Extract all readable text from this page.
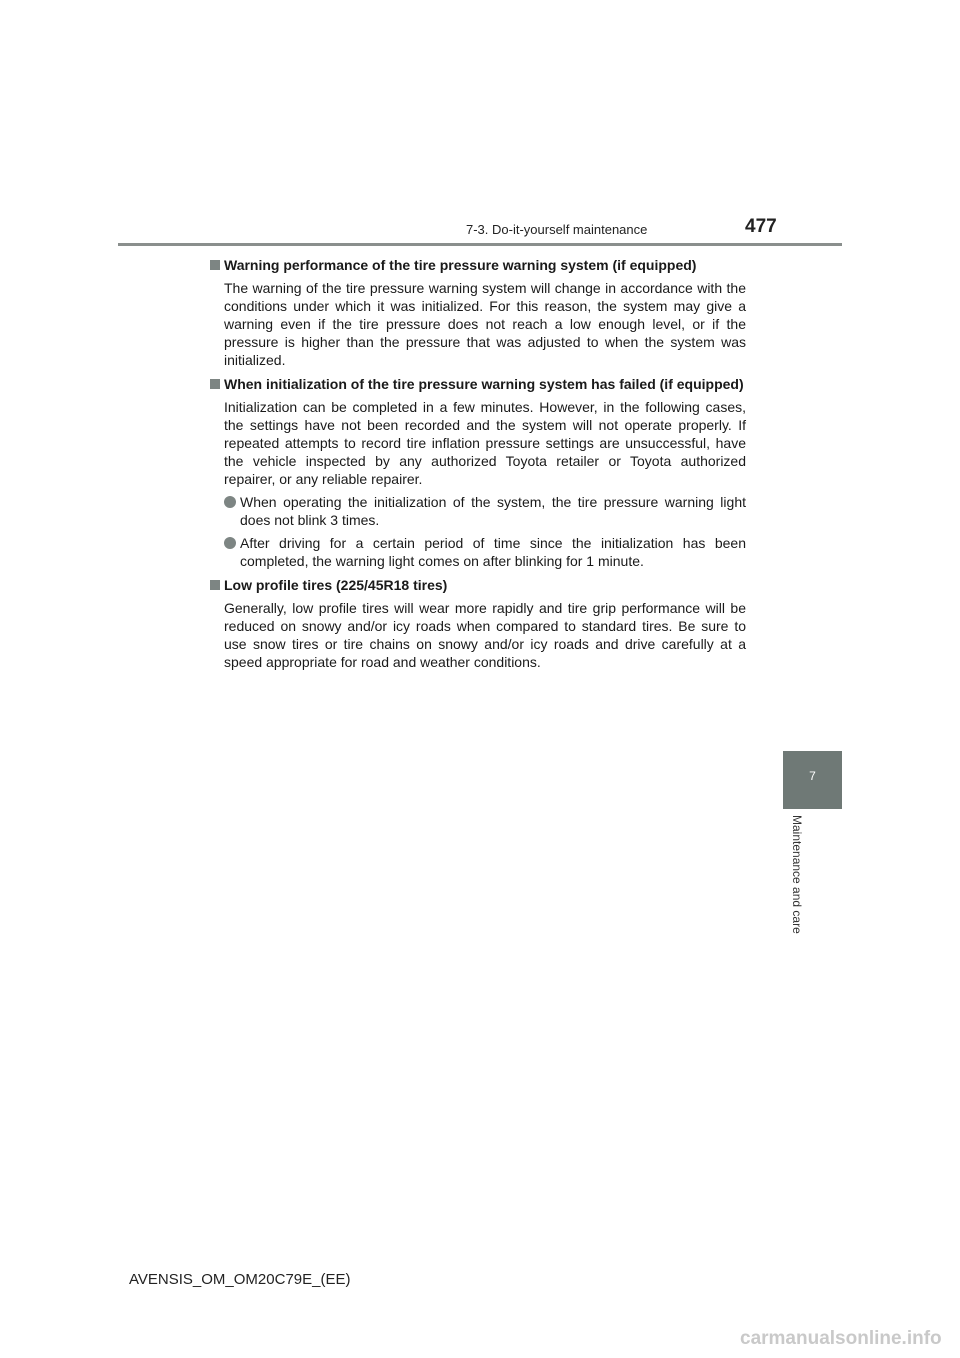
7-3. Do-it-yourself maintenance	477
Warning performance of the tire pressure warning system (if equipped)
The warning of the tire pressure warning system will change in accordance with the conditions under which it was initialized. For this reason, the system may give a warning even if the tire pressure does not reach a low enough level, or if the pressure is higher than the pressure that was adjusted to when the system was initialized.
When initialization of the tire pressure warning system has failed (if equipped)
Initialization can be completed in a few minutes. However, in the following cases, the settings have not been recorded and the system will not operate properly. If repeated attempts to record tire inflation pressure settings are unsuccessful, have the vehicle inspected by any authorized Toyota retailer or Toyota authorized repairer, or any reliable repairer.
When operating the initialization of the system, the tire pressure warning light does not blink 3 times.
After driving for a certain period of time since the initialization has been completed, the warning light comes on after blinking for 1 minute.
Low profile tires (225/45R18 tires)
Generally, low profile tires will wear more rapidly and tire grip performance will be reduced on snowy and/or icy roads when compared to standard tires. Be sure to use snow tires or tire chains on snowy and/or icy roads and drive carefully at a speed appropriate for road and weather conditions.
7
Maintenance and care
AVENSIS_OM_OM20C79E_(EE)
carmanualsonline.info
